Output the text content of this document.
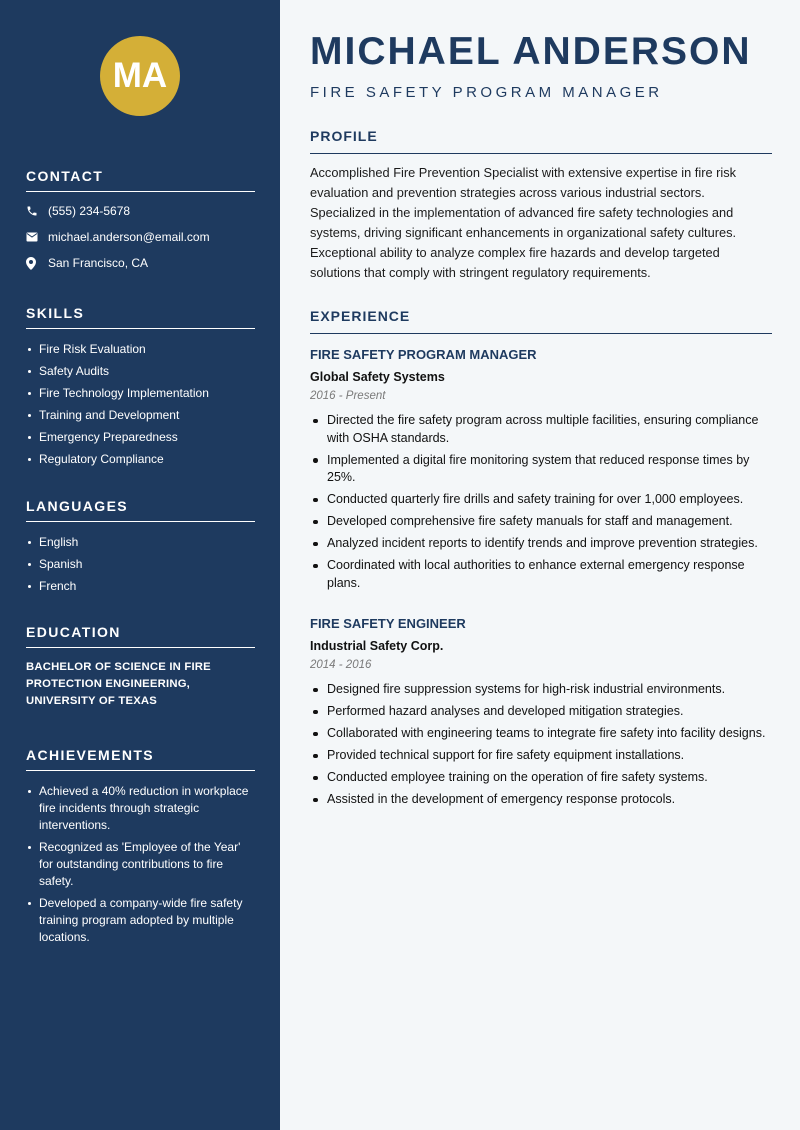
MA
CONTACT
(555) 234-5678
michael.anderson@email.com
San Francisco, CA
SKILLS
Fire Risk Evaluation
Safety Audits
Fire Technology Implementation
Training and Development
Emergency Preparedness
Regulatory Compliance
LANGUAGES
English
Spanish
French
EDUCATION

BACHELOR OF SCIENCE IN FIRE PROTECTION ENGINEERING, UNIVERSITY OF TEXAS

ACHIEVEMENTS
Achieved a 40% reduction in workplace fire incidents through strategic interventions.
Recognized as 'Employee of the Year' for outstanding contributions to fire safety.
Developed a company-wide fire safety training program adopted by multiple locations.
MICHAEL ANDERSON
FIRE SAFETY PROGRAM MANAGER
PROFILE

Accomplished Fire Prevention Specialist with extensive expertise in fire risk evaluation and prevention strategies across various industrial sectors. Specialized in the implementation of advanced fire safety technologies and systems, driving significant enhancements in organizational safety cultures. Exceptional ability to analyze complex fire hazards and develop targeted solutions that comply with stringent regulatory requirements.

EXPERIENCE
FIRE SAFETY PROGRAM MANAGER
Global Safety Systems
2016 - Present
Directed the fire safety program across multiple facilities, ensuring compliance with OSHA standards.
Implemented a digital fire monitoring system that reduced response times by 25%.
Conducted quarterly fire drills and safety training for over 1,000 employees.
Developed comprehensive fire safety manuals for staff and management.
Analyzed incident reports to identify trends and improve prevention strategies.
Coordinated with local authorities to enhance external emergency response plans.
FIRE SAFETY ENGINEER
Industrial Safety Corp.
2014 - 2016
Designed fire suppression systems for high-risk industrial environments.
Performed hazard analyses and developed mitigation strategies.
Collaborated with engineering teams to integrate fire safety into facility designs.
Provided technical support for fire safety equipment installations.
Conducted employee training on the operation of fire safety systems.
Assisted in the development of emergency response protocols.
